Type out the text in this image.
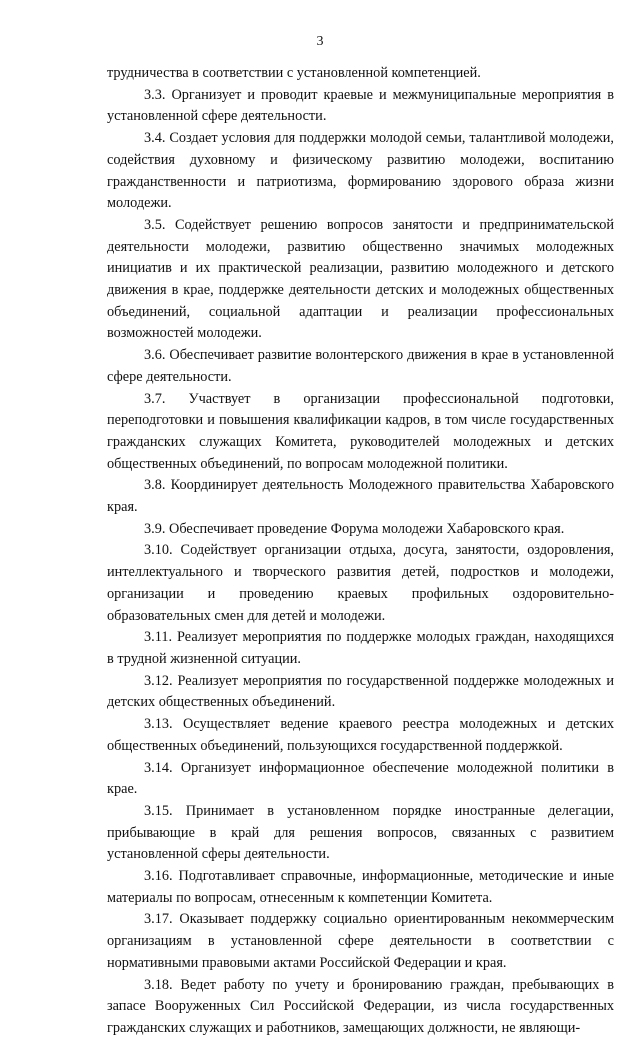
3

трудничества в соответствии с установленной компетенцией.

3.3. Организует и проводит краевые и межмуниципальные мероприятия в установленной сфере деятельности.

3.4. Создает условия для поддержки молодой семьи, талантливой молодежи, содействия духовному и физическому развитию молодежи, воспитанию гражданственности и патриотизма, формированию здорового образа жизни молодежи.

3.5. Содействует решению вопросов занятости и предпринимательской деятельности молодежи, развитию общественно значимых молодежных инициатив и их практической реализации, развитию молодежного и детского движения в крае, поддержке деятельности детских и молодежных общественных объединений, социальной адаптации и реализации профессиональных возможностей молодежи.

3.6. Обеспечивает развитие волонтерского движения в крае в установленной сфере деятельности.

3.7. Участвует в организации профессиональной подготовки, переподготовки и повышения квалификации кадров, в том числе государственных гражданских служащих Комитета, руководителей молодежных и детских общественных объединений, по вопросам молодежной политики.

3.8. Координирует деятельность Молодежного правительства Хабаровского края.

3.9. Обеспечивает проведение Форума молодежи Хабаровского края.

3.10. Содействует организации отдыха, досуга, занятости, оздоровления, интеллектуального и творческого развития детей, подростков и молодежи, организации и проведению краевых профильных оздоровительно-образовательных смен для детей и молодежи.

3.11. Реализует мероприятия по поддержке молодых граждан, находящихся в трудной жизненной ситуации.

3.12. Реализует мероприятия по государственной поддержке молодежных и детских общественных объединений.

3.13. Осуществляет ведение краевого реестра молодежных и детских общественных объединений, пользующихся государственной поддержкой.

3.14. Организует информационное обеспечение молодежной политики в крае.

3.15. Принимает в установленном порядке иностранные делегации, прибывающие в край для решения вопросов, связанных с развитием установленной сферы деятельности.

3.16. Подготавливает справочные, информационные, методические и иные материалы по вопросам, отнесенным к компетенции Комитета.

3.17. Оказывает поддержку социально ориентированным некоммерческим организациям в установленной сфере деятельности в соответствии с нормативными правовыми актами Российской Федерации и края.

3.18. Ведет работу по учету и бронированию граждан, пребывающих в запасе Вооруженных Сил Российской Федерации, из числа государственных гражданских служащих и работников, замещающих должности, не являющи-
